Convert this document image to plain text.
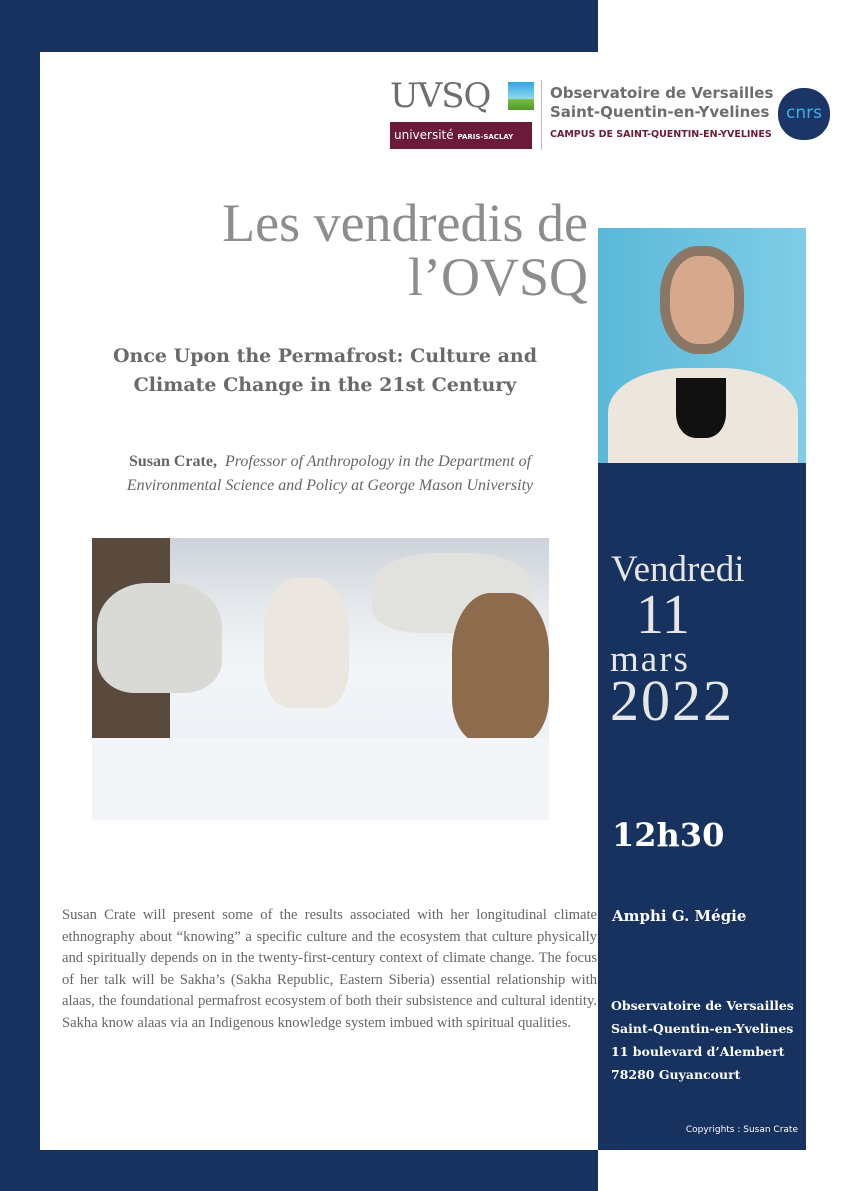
UVSQ
université PARIS-SACLAY
Observatoire de Versailles
Saint-Quentin-en-Yvelines
CAMPUS DE SAINT-QUENTIN-EN-YVELINES
cnrs
Les vendredis de
l’OVSQ
Once Upon the Permafrost: Culture and
Climate Change in the 21st Century
Susan Crate, Professor of Anthropology in the Department of
Environmental Science and Policy at George Mason University
Susan Crate will present some of the results associated with her longitudinal climate ethnography about “knowing” a specific culture and the ecosystem that culture physically and spiritually depends on in the twenty-first-century context of climate change. The focus of her talk will be Sakha’s (Sakha Republic, Eastern Siberia) essential relationship with alaas, the foundational permafrost ecosystem of both their subsistence and cultural identity. Sakha know alaas via an Indigenous knowledge system imbued with spiritual qualities.
Vendredi
11
mars
2022
12h30
Amphi G. Mégie
Observatoire de Versailles
Saint-Quentin-en-Yvelines
11 boulevard d’Alembert
78280 Guyancourt
Copyrights : Susan Crate
